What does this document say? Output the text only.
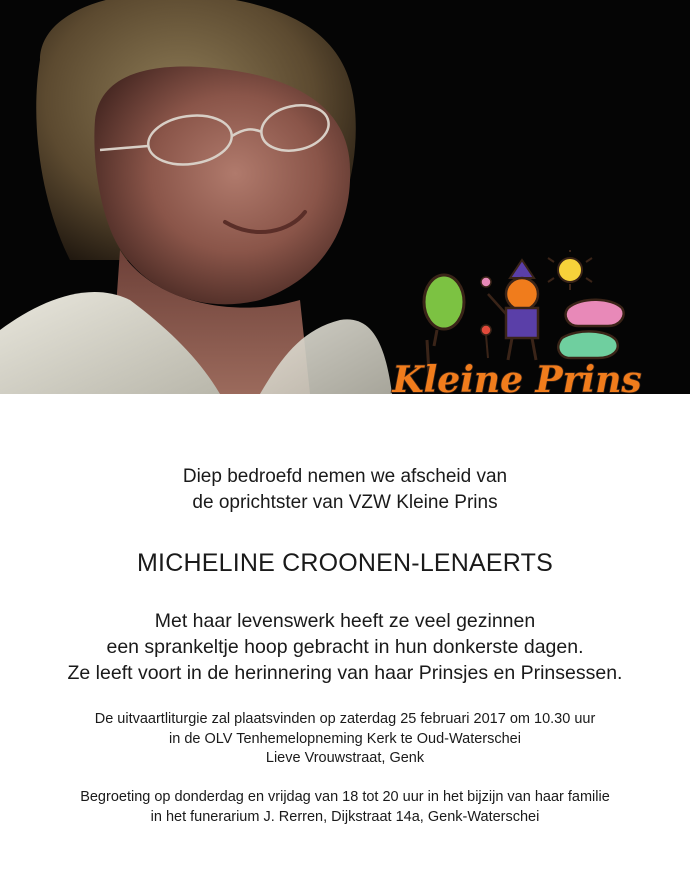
Kleine Prins
Diep bedroefd nemen we afscheid van
de oprichtster van VZW Kleine Prins
MICHELINE CROONEN-LENAERTS
Met haar levenswerk heeft ze veel gezinnen
een sprankeltje hoop gebracht in hun donkerste dagen.
Ze leeft voort in de herinnering van haar Prinsjes en Prinsessen.
De uitvaartliturgie zal plaatsvinden op zaterdag 25 februari 2017 om 10.30 uur
in de OLV Tenhemelopneming Kerk te Oud-Waterschei
Lieve Vrouwstraat, Genk
Begroeting op donderdag en vrijdag van 18 tot 20 uur in het bijzijn van haar familie
in het funerarium J. Rerren, Dijkstraat 14a, Genk-Waterschei
